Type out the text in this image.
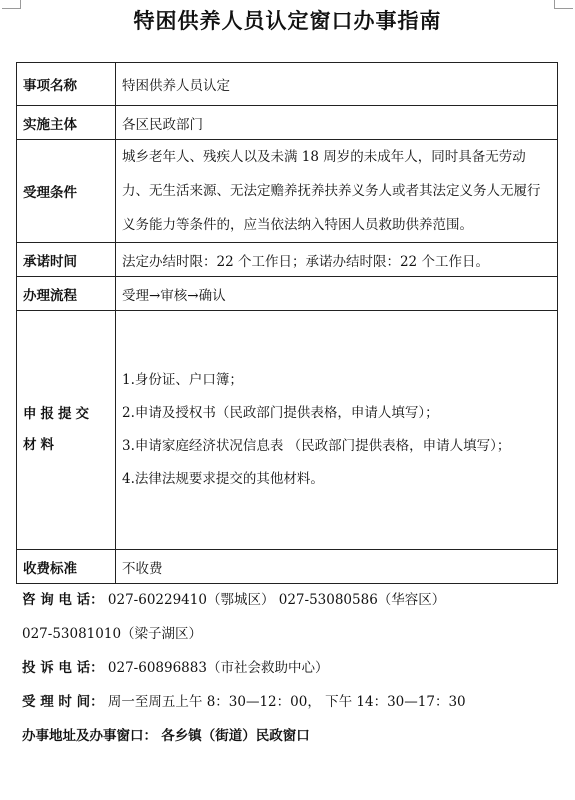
特困供养人员认定窗口办事指南
事项名称	特困供养人员认定
实施主体	各区民政部门
受理条件	城乡老年人、残疾人以及未满 18 周岁的未成年人，同时具备无劳动力、无生活来源、无法定赡养抚养扶养义务人或者其法定义务人无履行义务能力等条件的，应当依法纳入特困人员救助供养范围。
承诺时间	法定办结时限：22 个工作日；承诺办结时限：22 个工作日。
办理流程	受理→审核→确认
申报提交材料	1.身份证、户口簿；

2.申请及授权书（民政部门提供表格，申请人填写）；

3.申请家庭经济状况信息表 （民政部门提供表格，申请人填写）；

4.法律法规要求提交的其他材料。

收费标准	不收费
咨 询 电 话： 027-60229410（鄂城区） 027-53080586（华容区）
027-53081010（梁子湖区）
投 诉 电 话： 027-60896883（市社会救助中心）
受 理 时 间： 周一至周五上午 8：30—12：00， 下午 14：30—17：30
办事地址及办事窗口： 各乡镇（街道）民政窗口
